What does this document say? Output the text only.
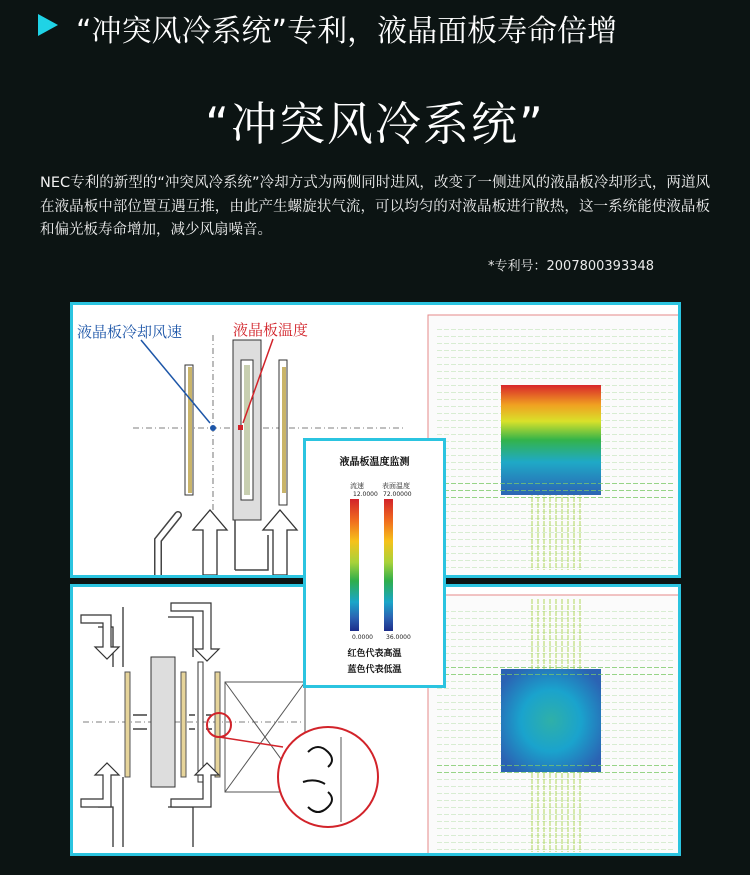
“冲突风冷系统”专利，液晶面板寿命倍增
“冲突风冷系统”
NEC专利的新型的“冲突风冷系统”冷却方式为两侧同时进风，改变了一侧进风的液晶板冷却形式，两道风在液晶板中部位置互遇互推，由此产生螺旋状气流，可以均匀的对液晶板进行散热，这一系统能使液晶板和偏光板寿命增加，减少风扇噪音。
*专利号：2007800393348
液晶板冷却风速	液晶板温度
液晶板温度监测
流速	表面温度
12.0000 72.00000
0.0000 36.0000
红色代表高温
蓝色代表低温
